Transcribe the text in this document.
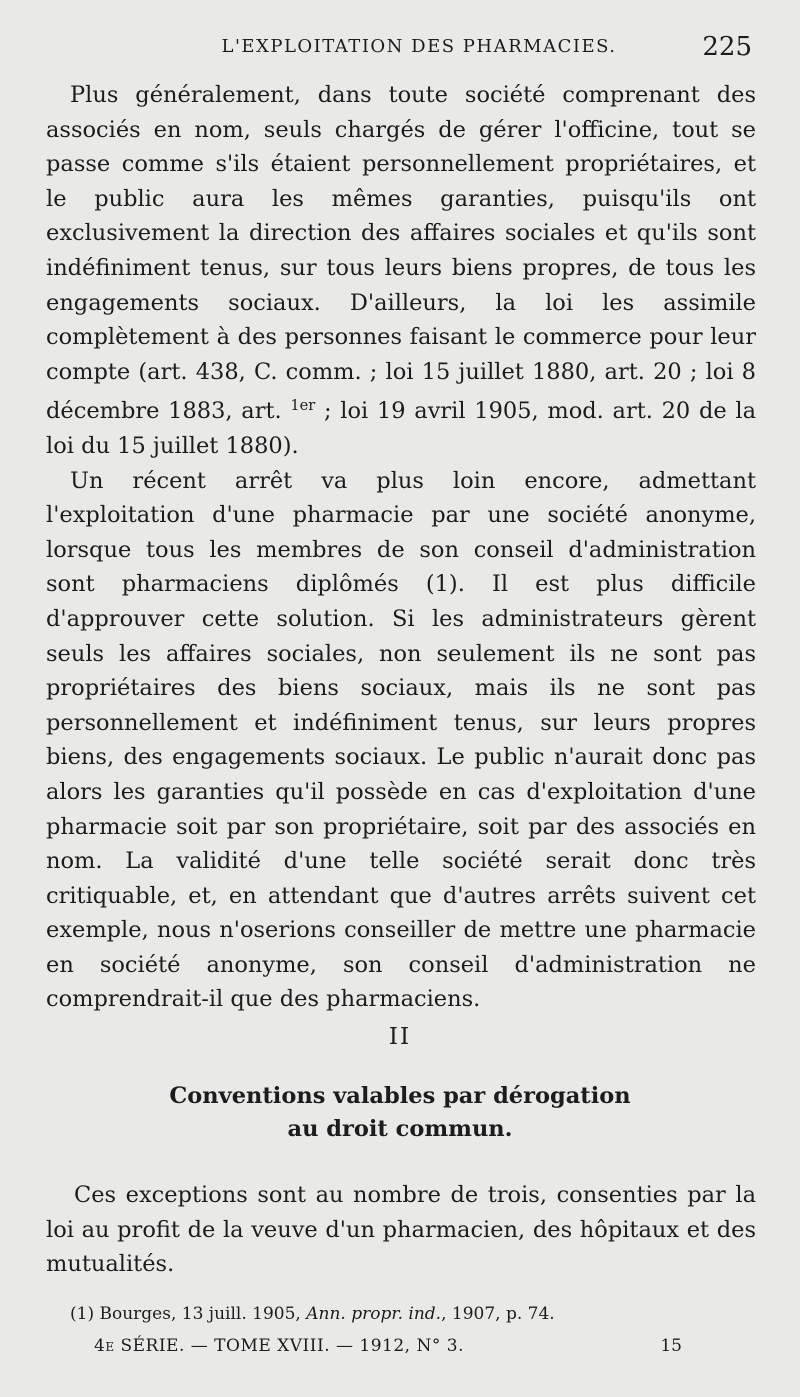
L'EXPLOITATION DES PHARMACIES.	225

Plus généralement, dans toute société comprenant des associés en nom, seuls chargés de gérer l'officine, tout se passe comme s'ils étaient personnellement propriétaires, et le public aura les mêmes garanties, puisqu'ils ont exclusivement la direction des affaires sociales et qu'ils sont indéfiniment tenus, sur tous leurs biens propres, de tous les engagements sociaux. D'ailleurs, la loi les assimile complètement à des personnes faisant le commerce pour leur compte (art. 438, C. comm. ; loi 15 juillet 1880, art. 20 ; loi 8 décembre 1883, art. $^{1er}$ ; loi 19 avril 1905, mod. art. 20 de la loi du 15 juillet 1880).

Un récent arrêt va plus loin encore, admettant l'exploitation d'une pharmacie par une société anonyme, lorsque tous les membres de son conseil d'administration sont pharmaciens diplômés (1). Il est plus difficile d'approuver cette solution. Si les administrateurs gèrent seuls les affaires sociales, non seulement ils ne sont pas propriétaires des biens sociaux, mais ils ne sont pas personnellement et indéfiniment tenus, sur leurs propres biens, des engagements sociaux. Le public n'aurait donc pas alors les garanties qu'il possède en cas d'exploitation d'une pharmacie soit par son propriétaire, soit par des associés en nom. La validité d'une telle société serait donc très critiquable, et, en attendant que d'autres arrêts suivent cet exemple, nous n'oserions conseiller de mettre une pharmacie en société anonyme, son conseil d'administration ne comprendrait-il que des pharmaciens.

II
Conventions valables par dérogation
au droit commun.

Ces exceptions sont au nombre de trois, consenties par la loi au profit de la veuve d'un pharmacien, des hôpitaux et des mutualités.

(1) Bourges, 13 juill. 1905, Ann. propr. ind., 1907, p. 74.
4e SÉRIE. — TOME XVIII. — 1912, N° 3.	15
